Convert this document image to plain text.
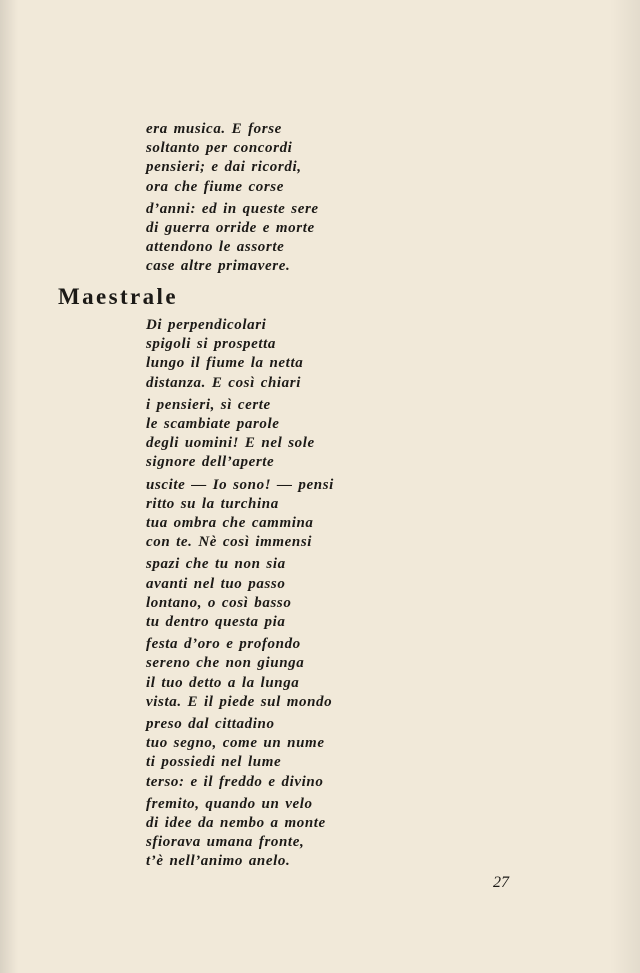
era musica. E forse
soltanto per concordi
pensieri; e dai ricordi,
ora che fiume corse
d’anni: ed in queste sere
di guerra orride e morte
attendono le assorte
case altre primavere.
Maestrale
Di perpendicolari
spigoli si prospetta
lungo il fiume la netta
distanza. E così chiari
i pensieri, sì certe
le scambiate parole
degli uomini! E nel sole
signore dell’aperte
uscite — Io sono! — pensi
ritto su la turchina
tua ombra che cammina
con te. Nè così immensi
spazi che tu non sia
avanti nel tuo passo
lontano, o così basso
tu dentro questa pia
festa d’oro e profondo
sereno che non giunga
il tuo detto a la lunga
vista. E il piede sul mondo
preso dal cittadino
tuo segno, come un nume
ti possiedi nel lume
terso: e il freddo e divino
fremito, quando un velo
di idee da nembo a monte
sfiorava umana fronte,
t’è nell’animo anelo.
27
